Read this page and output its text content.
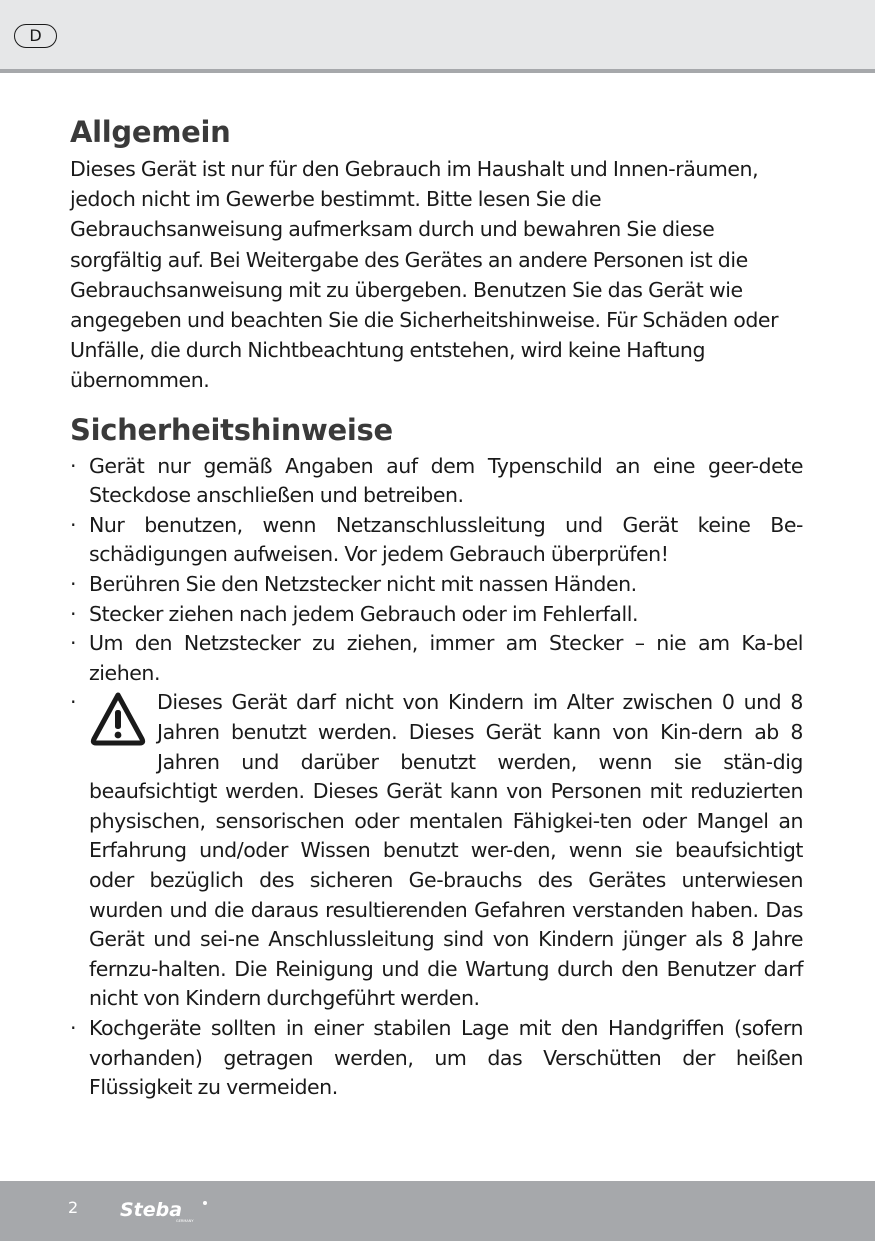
D
Allgemein

Dieses Gerät ist nur für den Gebrauch im Haushalt und Innen-räumen, jedoch nicht im Gewerbe bestimmt. Bitte lesen Sie die Gebrauchsanweisung aufmerksam durch und bewahren Sie diese sorgfältig auf. Bei Weitergabe des Gerätes an andere Personen ist die Gebrauchsanweisung mit zu übergeben. Benutzen Sie das Gerät wie angegeben und beachten Sie die Sicherheitshinweise. Für Schäden oder Unfälle, die durch Nichtbeachtung entstehen, wird keine Haftung übernommen.

Sicherheitshinweise
· Gerät nur gemäß Angaben auf dem Typenschild an eine geer-dete Steckdose anschließen und betreiben.
· Nur benutzen, wenn Netzanschlussleitung und Gerät keine Be-schädigungen aufweisen. Vor jedem Gebrauch überprüfen!
· Berühren Sie den Netzstecker nicht mit nassen Händen.
· Stecker ziehen nach jedem Gebrauch oder im Fehlerfall.
· Um den Netzstecker zu ziehen, immer am Stecker – nie am Ka-bel ziehen.
·	Dieses Gerät darf nicht von Kindern im Alter zwischen 0 und 8 Jahren benutzt werden. Dieses Gerät kann von Kin-dern ab 8 Jahren und darüber benutzt werden, wenn sie stän-dig beaufsichtigt werden. Dieses Gerät kann von Personen mit reduzierten physischen, sensorischen oder mentalen Fähigkei-ten oder Mangel an Erfahrung und/oder Wissen benutzt wer-den, wenn sie beaufsichtigt oder bezüglich des sicheren Ge-brauchs des Gerätes unterwiesen wurden und die daraus resultierenden Gefahren verstanden haben. Das Gerät und sei-ne Anschlussleitung sind von Kindern jünger als 8 Jahre fernzu-halten. Die Reinigung und die Wartung durch den Benutzer darf nicht von Kindern durchgeführt werden.
· Kochgeräte sollten in einer stabilen Lage mit den Handgriffen (sofern vorhanden) getragen werden, um das Verschütten der heißen Flüssigkeit zu vermeiden.
2 Steba
GERMANY
